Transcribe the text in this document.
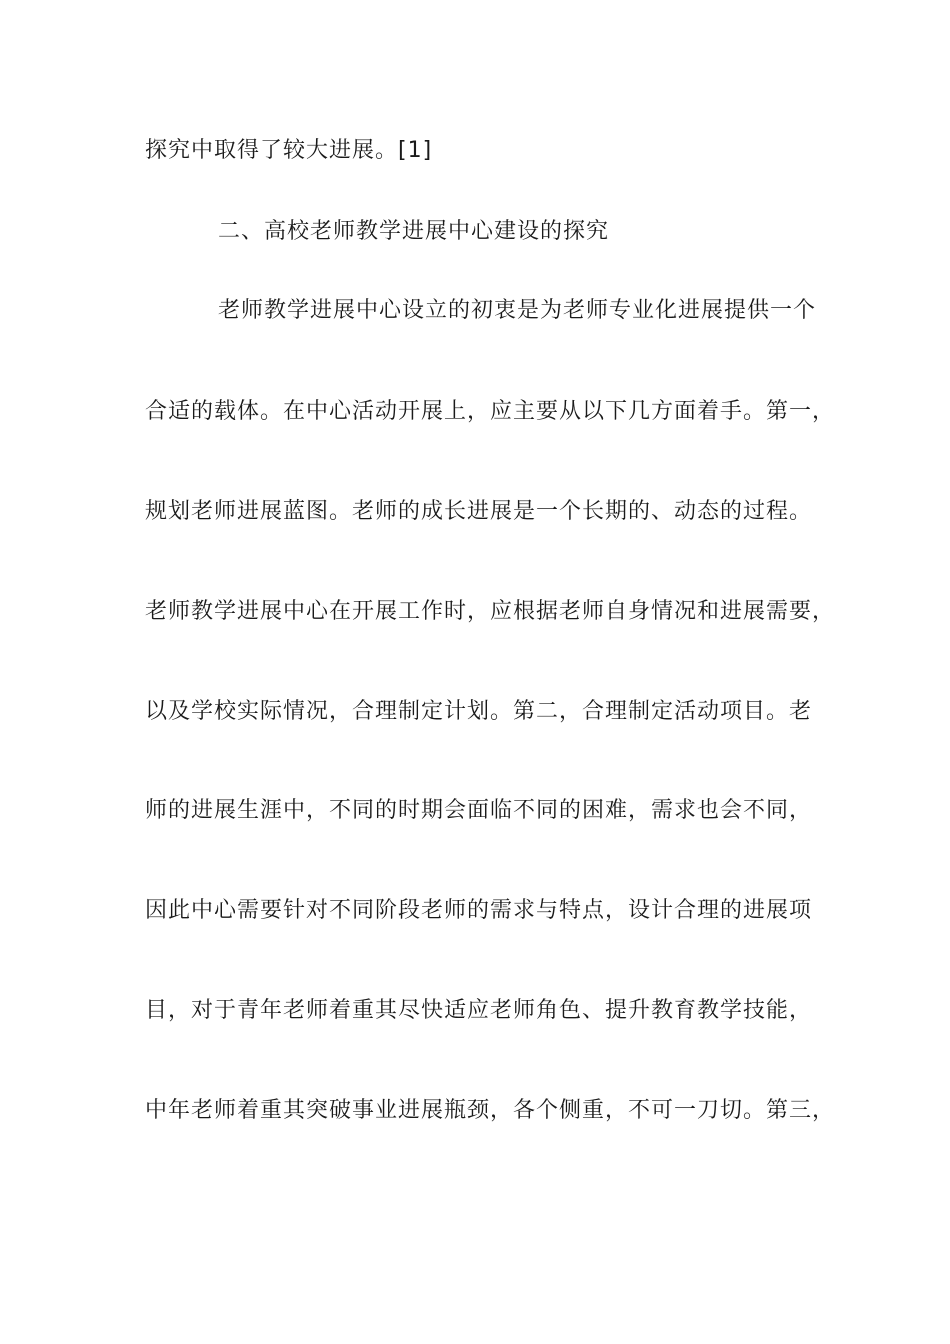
探究中取得了较大进展。[1]
二、高校老师教学进展中心建设的探究
老师教学进展中心设立的初衷是为老师专业化进展提供一个
合适的载体。在中心活动开展上，应主要从以下几方面着手。第一，
规划老师进展蓝图。老师的成长进展是一个长期的、动态的过程。
老师教学进展中心在开展工作时，应根据老师自身情况和进展需要，
以及学校实际情况，合理制定计划。第二，合理制定活动项目。老
师的进展生涯中，不同的时期会面临不同的困难，需求也会不同，
因此中心需要针对不同阶段老师的需求与特点，设计合理的进展项
目，对于青年老师着重其尽快适应老师角色、提升教育教学技能，
中年老师着重其突破事业进展瓶颈，各个侧重，不可一刀切。第三，
